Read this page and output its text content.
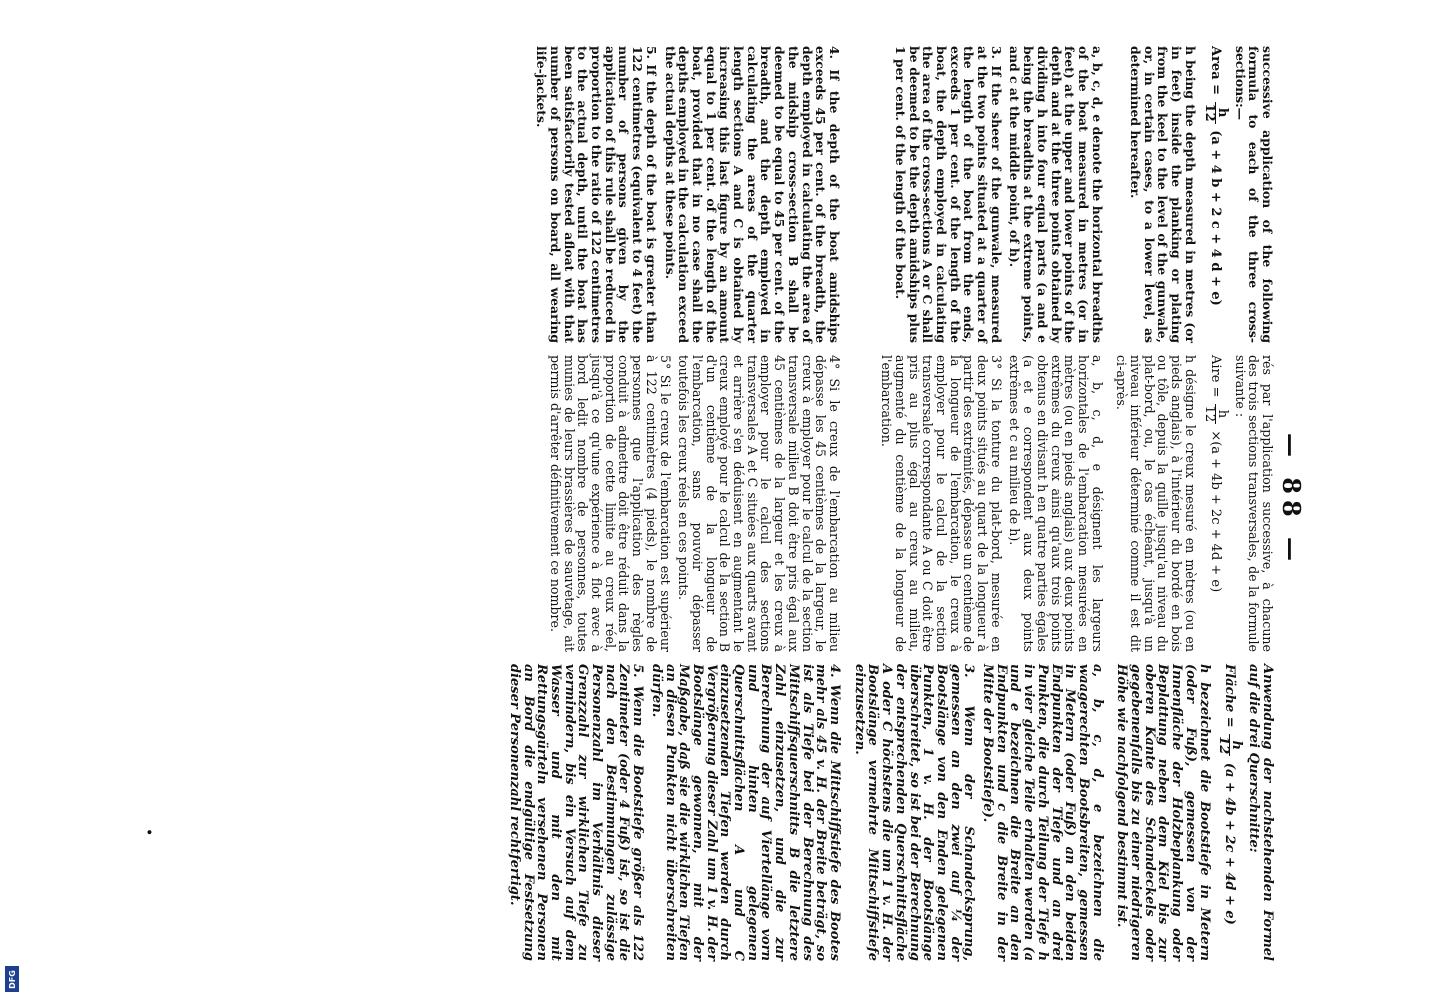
— 88 —

successive application of the following formula to each of the three cross-sections:—

Area =
h
12
(a + 4 b + 2 c + 4 d + e)

h being the depth measured in metres (or in feet) inside the planking or plating from the keel to the level of the gunwale, or, in certain cases, to a lower level, as determined hereafter.

rés par l'application successive, à chacune des trois sections transversales, de la formule suivante :

Aire =
h
12
×(a + 4b + 2c + 4d + e)

h désigne le creux mesuré en mètres (ou en pieds anglais), à l'intérieur du bordé en bois ou tôle, depuis la quille jusqu'au niveau du plat-bord, ou, le cas échéant, jusqu'à un niveau inférieur déterminé comme il est dit ci-après.

Anwendung der nachstehenden Formel auf die drei Querschnitte:

Fläche =
h
12
(a + 4b + 2c + 4d + e)

h bezeichnet die Bootstiefe in Metern (oder Fuß), gemessen von der Innenfläche der Holzbeplankung oder Beplattung neben dem Kiel bis zur oberen Kante des Schandeckels oder gegebenenfalls bis zu einer niedrigeren Höhe wie nachfolgend bestimmt ist.

a, b, c, d, e denote the horizontal breadths of the boat measured in metres (or in feet) at the upper and lower points of the depth and at the three points obtained by dividing h into four equal parts (a and e being the breadths at the extreme points, and c at the middle point, of h).

3. If the sheer of the gunwale, measured at the two points situated at a quarter of the length of the boat from the ends, exceeds 1 per cent. of the length of the boat, the depth employed in calculating the area of the cross-sections A or C shall be deemed to be the depth amidships plus 1 per cent. of the length of the boat.

a, b, c, d, e désignent les largeurs horizontales de l'embarcation mesurées en mètres (ou en pieds anglais) aux deux points extrêmes du creux ainsi qu'aux trois points obtenus en divisant h en quatre parties égales (a et e correspondent aux deux points extrêmes et c au milieu de h).

3° Si la tonture du plat-bord, mesurée en deux points situés au quart de la longueur à partir des extrémités, dépasse un centième de la longueur de l'embarcation, le creux à employer pour le calcul de la section transversale correspondante A ou C doit être pris au plus égal au creux au milieu, augmenté du centième de la longueur de l'embarcation.

a, b, c, d, e bezeichnen die waagerechten Bootsbreiten, gemessen in Metern (oder Fuß) an den beiden Endpunkten der Tiefe und an drei Punkten, die durch Teilung der Tiefe h in vier gleiche Teile erhalten werden (a und e bezeichnen die Breite an den Endpunkten und c die Breite in der Mitte der Bootstiefe).

3. Wenn der Schandecksprung, gemessen an den zwei auf ¼ der Bootslänge von den Enden gelegenen Punkten, 1 v. H. der Bootslänge überschreitet, so ist bei der Berechnung der entsprechenden Querschnittsfläche A oder C höchstens die um 1 v. H. der Bootslänge vermehrte Mittschiffstiefe einzusetzen.

4. If the depth of the boat amidships exceeds 45 per cent. of the breadth, the depth employed in calculating the area of the midship cross-section B shall be deemed to be equal to 45 per cent. of the breadth, and the depth employed in calculating the areas of the quarter length sections A and C is obtained by increasing this last figure by an amount equal to 1 per cent. of the length of the boat, provided that in no case shall the depths employed in the calculation exceed the actual depths at these points.

5. If the depth of the boat is greater than 122 centimetres (equivalent to 4 feet) the number of persons given by the application of this rule shall be reduced in proportion to the ratio of 122 centimetres to the actual depth, until the boat has been satisfactorily tested afloat with that number of persons on board, all wearing life-jackets.

4° Si le creux de l'embarcation au milieu dépasse les 45 centièmes de la largeur, le creux à employer pour le calcul de la section transversale milieu B doit être pris égal aux 45 centièmes de la largeur et les creux à employer pour le calcul des sections transversales A et C situées aux quarts avant et arrière s'en déduisent en augmentant le creux employé pour le calcul de la section B d'un centième de la longueur de l'embarcation, sans pouvoir dépasser toutefois les creux réels en ces points.

5° Si le creux de l'embarcation est supérieur à 122 centimètres (4 pieds), le nombre de personnes que l'application des règles conduit à admettre doit être réduit dans la proportion de cette limite au creux réel, jusqu'à ce qu'une expérience à flot avec à bord ledit nombre de personnes, toutes munies de leurs brassières de sauvetage, ait permis d'arrêter définitivement ce nombre.

4. Wenn die Mittschiffstiefe des Bootes mehr als 45 v. H. der Breite beträgt, so ist als Tiefe bei der Berechnung des Mittschiffsquerschnitts B die letztere Zahl einzusetzen, und die zur Berechnung der auf Viertellänge vorn und hinten gelegenen Querschnittsflächen A und C einzusetzenden Tiefen werden durch Vergrößerung dieser Zahl um 1 v. H. der Bootslänge gewonnen, mit der Maßgabe, daß sie die wirklichen Tiefen an diesen Punkten nicht überschreiten dürfen.

5. Wenn die Bootstiefe größer als 122 Zentimeter (oder 4 Fuß) ist, so ist die nach den Bestimmungen zulässige Personenzahl im Verhältnis dieser Grenzzahl zur wirklichen Tiefe zu vermindern, bis ein Versuch auf dem Wasser und mit den mit Rettungsgürteln versehenen Personen an Bord die endgültige Festsetzung dieser Personenzahl rechtfertigt.

•
DFG
